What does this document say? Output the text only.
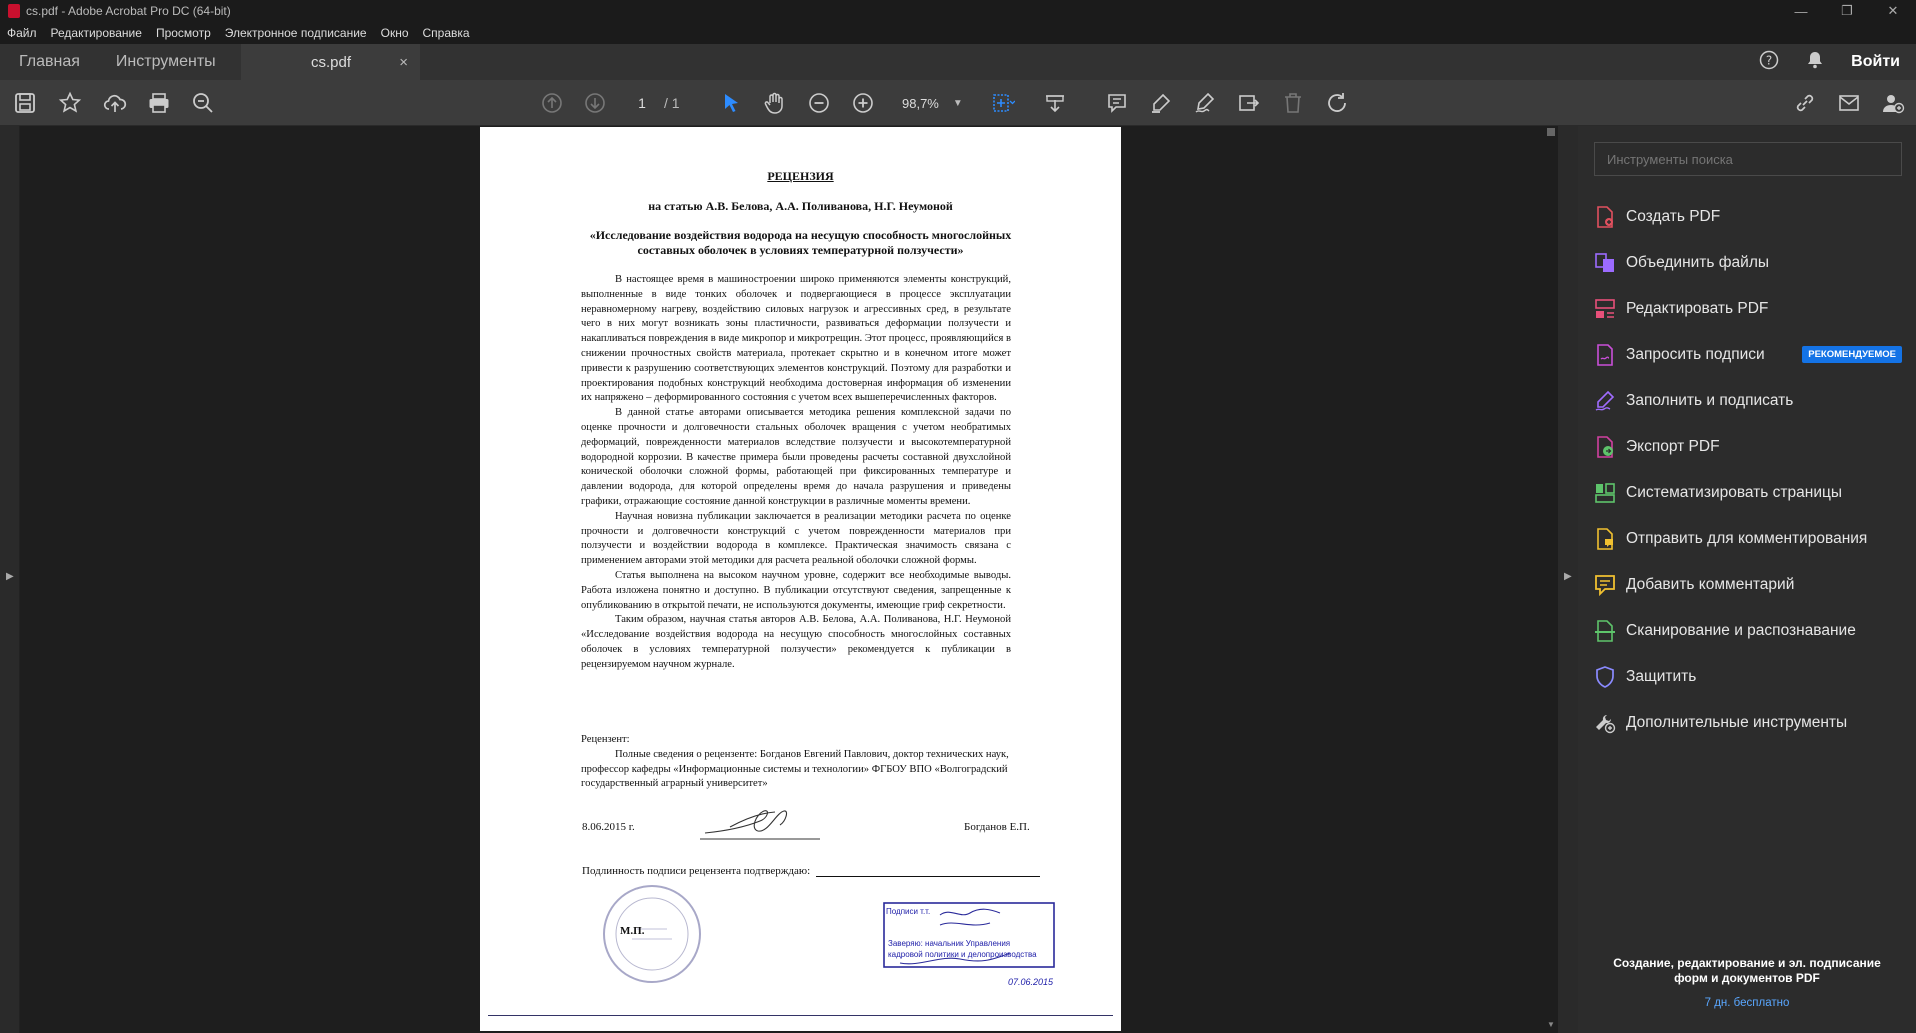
cs.pdf - Adobe Acrobat Pro DC (64-bit)	—	❐	✕
Файл	Редактирование	Просмотр	Электронное подписание	Окно	Справка
Главная	Инструменты	cs.pdf	×	?	Войти
1	/ 1	98,7% ▼
▶
РЕЦЕНЗИЯ
на статью А.В. Белова, А.А. Поливанова, Н.Г. Неумоной
«Исследование воздействия водорода на несущую способность многослойных
составных оболочек в условиях температурной ползучести»

В настоящее время в машиностроении широко применяются элементы конструкций, выполненные в виде тонких оболочек и подвергающиеся в процессе эксплуатации неравномерному нагреву, воздействию силовых нагрузок и агрессивных сред, в результате чего в них могут возникать зоны пластичности, развиваться деформации ползучести и накапливаться повреждения в виде микропор и микротрещин. Этот процесс, проявляющийся в снижении прочностных свойств материала, протекает скрытно и в конечном итоге может привести к разрушению соответствующих элементов конструкций. Поэтому для разработки и проектирования подобных конструкций необходима достоверная информация об изменении их напряжено – деформированного состояния с учетом всех вышеперечисленных факторов.

В данной статье авторами описывается методика решения комплексной задачи по оценке прочности и долговечности стальных оболочек вращения с учетом необратимых деформаций, поврежденности материалов вследствие ползучести и высокотемпературной водородной коррозии. В качестве примера были проведены расчеты составной двухслойной конической оболочки сложной формы, работающей при фиксированных температуре и давлении водорода, для которой определены время до начала разрушения и приведены графики, отражающие состояние данной конструкции в различные моменты времени.

Научная новизна публикации заключается в реализации методики расчета по оценке прочности и долговечности конструкций с учетом поврежденности материалов при ползучести и воздействии водорода в комплексе. Практическая значимость связана с применением авторами этой методики для расчета реальной оболочки сложной формы.

Статья выполнена на высоком научном уровне, содержит все необходимые выводы. Работа изложена понятно и доступно. В публикации отсутствуют сведения, запрещенные к опубликованию в открытой печати, не используются документы, имеющие гриф секретности.

Таким образом, научная статья авторов А.В. Белова, А.А. Поливанова, Н.Г. Неумоной «Исследование воздействия водорода на несущую способность многослойных составных оболочек в условиях температурной ползучести» рекомендуется к публикации в рецензируемом научном журнале.

Рецензент:
Полные сведения о рецензенте: Богданов Евгений Павлович, доктор технических наук, профессор кафедры «Информационные системы и технологии» ФГБОУ ВПО «Волгоградский государственный аграрный университет»
8.06.2015 г.	Богданов Е.П.
Подлинность подписи рецензента подтверждаю:
М.П.
Подписи т.т.
Заверяю: начальник Управления
кадровой политики и делопроизводства
07.06.2015
▼
▶
Инструменты поиска
Создать PDF
Объединить файлы
Редактировать PDF
Запросить подписи	РЕКОМЕНДУЕМОЕ
Заполнить и подписать
Экспорт PDF
Систематизировать страницы
Отправить для комментирования
Добавить комментарий
Сканирование и распознавание
Защитить
Дополнительные инструменты
Создание, редактирование и эл. подписание
форм и документов PDF
7 дн. бесплатно
